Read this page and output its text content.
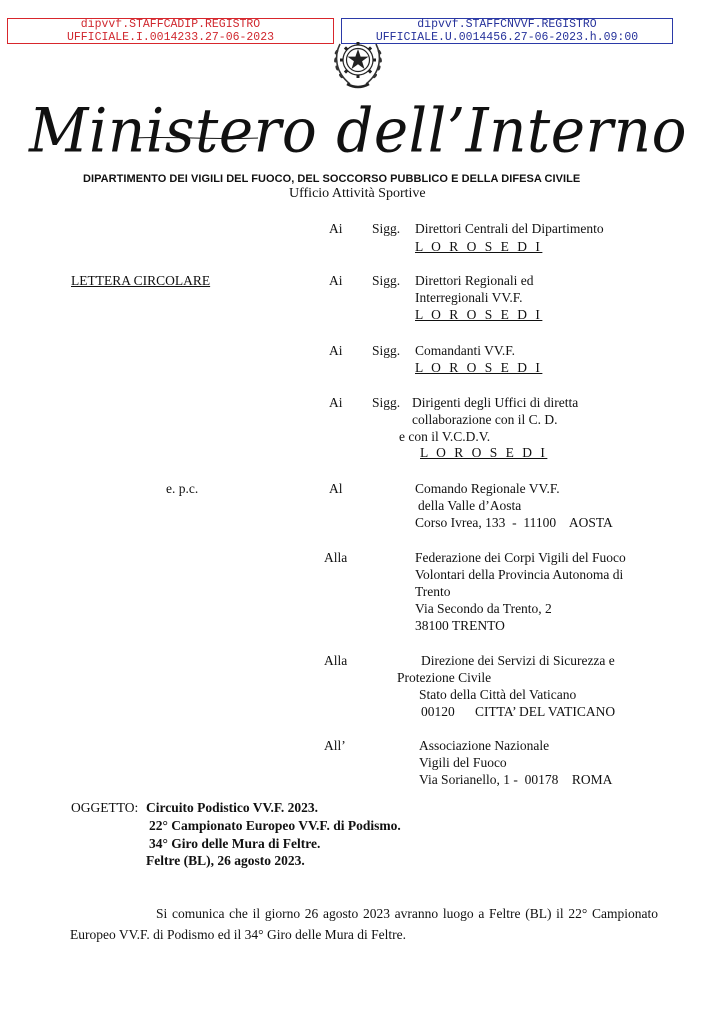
dipvvf.STAFFCADIP.REGISTRO
UFFICIALE.I.0014233.27-06-2023
dipvvf.STAFFCNVVF.REGISTRO
UFFICIALE.U.0014456.27-06-2023.h.09:00
Ministero dell’Interno
DIPARTIMENTO DEI VIGILI DEL FUOCO, DEL SOCCORSO PUBBLICO E DELLA DIFESA CIVILE
Ufficio Attività Sportive
LETTERA CIRCOLARE
Ai Sigg. Direttori Centrali del Dipartimento
L O R O S E D I
Ai Sigg. Direttori Regionali ed
Interregionali VV.F.
L O R O S E D I
Ai Sigg. Comandanti VV.F.
L O R O S E D I
Ai Sigg. Dirigenti degli Uffici di diretta
collaborazione con il C. D.
e con il V.C.D.V.
L O R O S E D I
e. p.c.	Al	Comando Regionale VV.F.
della Valle d’Aosta
Corso Ivrea, 133  -  11100    AOSTA
Alla	Federazione dei Corpi Vigili del Fuoco
Volontari della Provincia Autonoma di
Trento
Via Secondo da Trento, 2
38100 TRENTO
Alla	Direzione dei Servizi di Sicurezza e
Protezione Civile
Stato della Città del Vaticano
00120      CITTA’ DEL VATICANO
All’	Associazione Nazionale
Vigili del Fuoco
Via Sorianello, 1 -  00178    ROMA
OGGETTO: Circuito Podistico VV.F. 2023.
22° Campionato Europeo VV.F. di Podismo.
34° Giro delle Mura di Feltre.
Feltre (BL), 26 agosto 2023.
Si comunica che il giorno 26 agosto 2023 avranno luogo a Feltre (BL) il 22° Campionato Europeo VV.F. di Podismo ed il 34° Giro delle Mura di Feltre.
